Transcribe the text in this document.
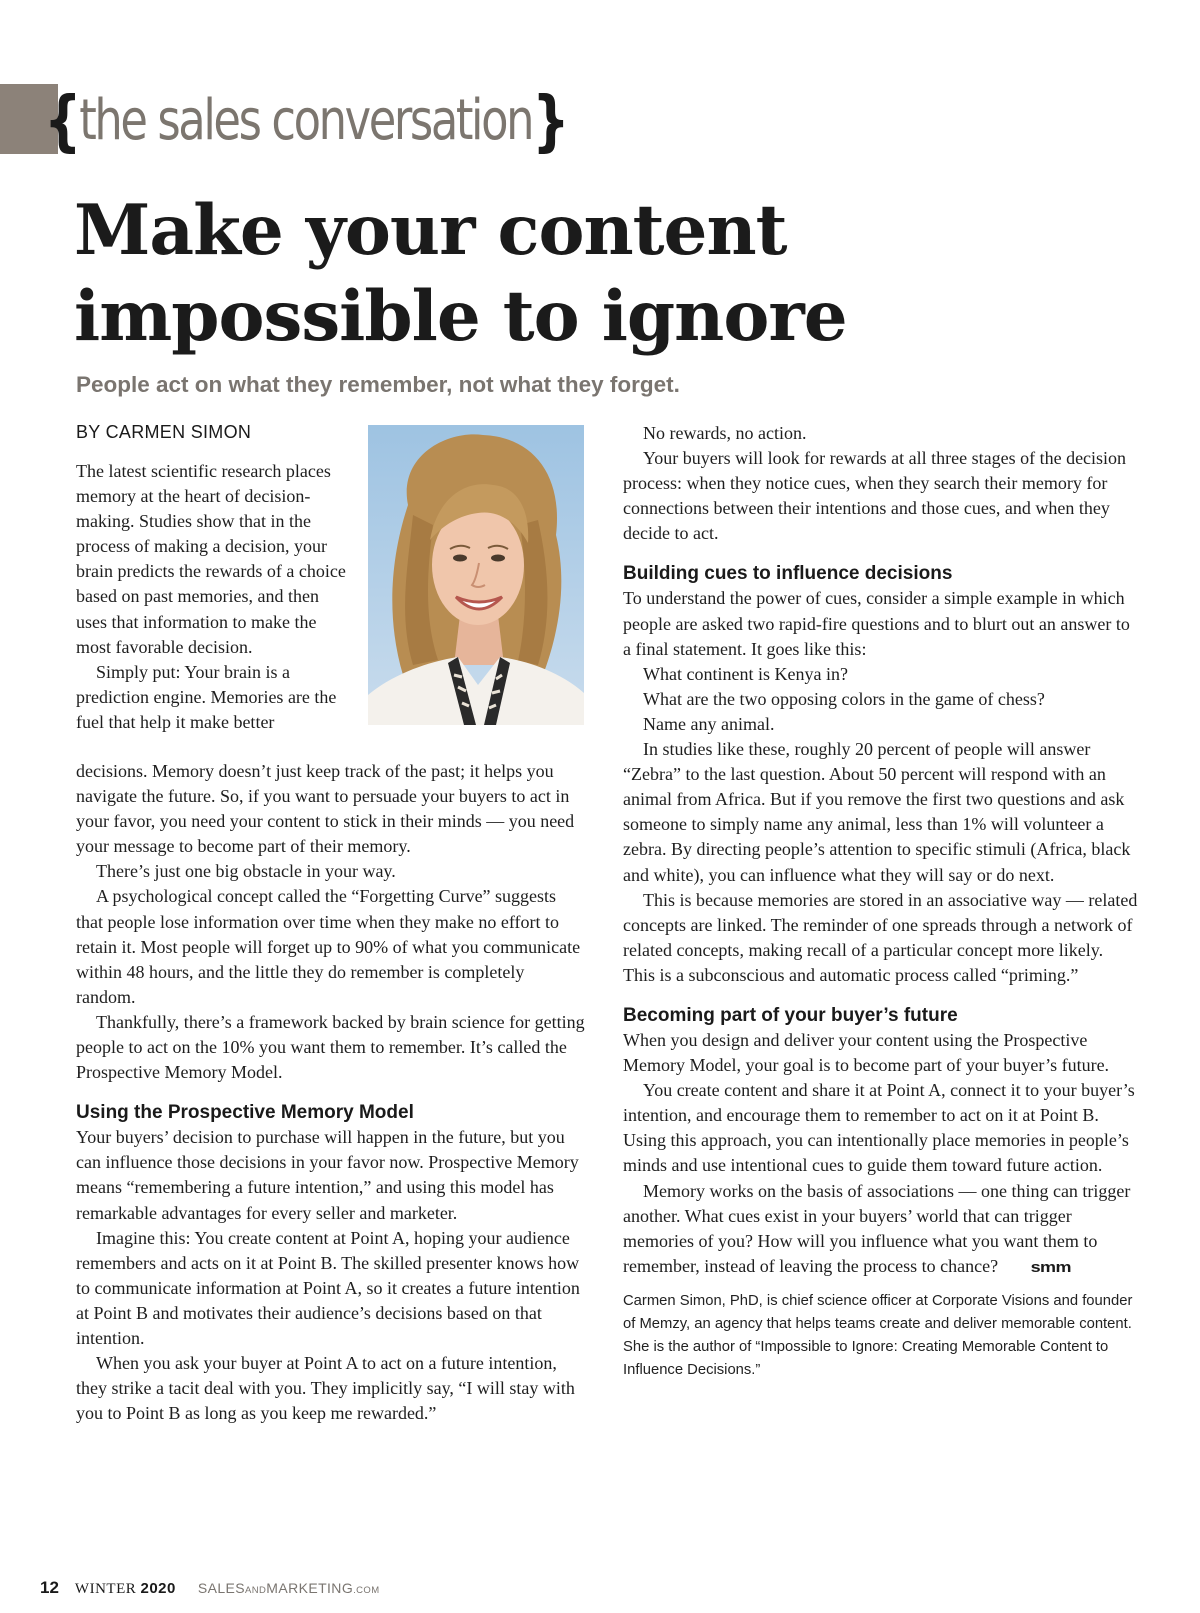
{ the sales conversation }
Make your content impossible to ignore
People act on what they remember, not what they forget.
BY CARMEN SIMON

The latest scientific research places memory at the heart of decision-making. Studies show that in the process of making a decision, your brain predicts the rewards of a choice based on past memories, and then uses that information to make the most favorable decision.

Simply put: Your brain is a prediction engine. Memories are the fuel that help it make better

decisions. Memory doesn’t just keep track of the past; it helps you navigate the future. So, if you want to persuade your buyers to act in your favor, you need your content to stick in their minds — you need your message to become part of their memory.

There’s just one big obstacle in your way.

A psychological concept called the “Forgetting Curve” suggests that people lose information over time when they make no effort to retain it. Most people will forget up to 90% of what you communicate within 48 hours, and the little they do remember is completely random.

Thankfully, there’s a framework backed by brain science for getting people to act on the 10% you want them to remember. It’s called the Prospective Memory Model.

Using the Prospective Memory Model

Your buyers’ decision to purchase will happen in the future, but you can influence those decisions in your favor now. Prospective Memory means “remembering a future intention,” and using this model has remarkable advantages for every seller and marketer.

Imagine this: You create content at Point A, hoping your audience remembers and acts on it at Point B. The skilled presenter knows how to communicate information at Point A, so it creates a future intention at Point B and motivates their audience’s decisions based on that intention.

When you ask your buyer at Point A to act on a future intention, they strike a tacit deal with you. They implicitly say, “I will stay with you to Point B as long as you keep me rewarded.”

No rewards, no action.

Your buyers will look for rewards at all three stages of the decision process: when they notice cues, when they search their memory for connections between their intentions and those cues, and when they decide to act.

Building cues to influence decisions

To understand the power of cues, consider a simple example in which people are asked two rapid-fire questions and to blurt out an answer to a final statement. It goes like this:

What continent is Kenya in?

What are the two opposing colors in the game of chess?

Name any animal.

In studies like these, roughly 20 percent of people will answer “Zebra” to the last question. About 50 percent will respond with an animal from Africa. But if you remove the first two questions and ask someone to simply name any animal, less than 1% will volunteer a zebra. By directing people’s attention to specific stimuli (Africa, black and white), you can influence what they will say or do next.

This is because memories are stored in an associative way — related concepts are linked. The reminder of one spreads through a network of related concepts, making recall of a particular concept more likely. This is a subconscious and automatic process called “priming.”

Becoming part of your buyer’s future

When you design and deliver your content using the Prospective Memory Model, your goal is to become part of your buyer’s future.

You create content and share it at Point A, connect it to your buyer’s intention, and encourage them to remember to act on it at Point B. Using this approach, you can intentionally place memories in people’s minds and use intentional cues to guide them toward future action.

Memory works on the basis of associations — one thing can trigger another. What cues exist in your buyers’ world that can trigger memories of you? How will you influence what you want them to remember, instead of leaving the process to chance? smm

Carmen Simon, PhD, is chief science officer at Corporate Visions and founder of Memzy, an agency that helps teams create and deliver memorable content. She is the author of “Impossible to Ignore: Creating Memorable Content to Influence Decisions.”
12 WINTER 2020 SALESANDMARKETING.COM
